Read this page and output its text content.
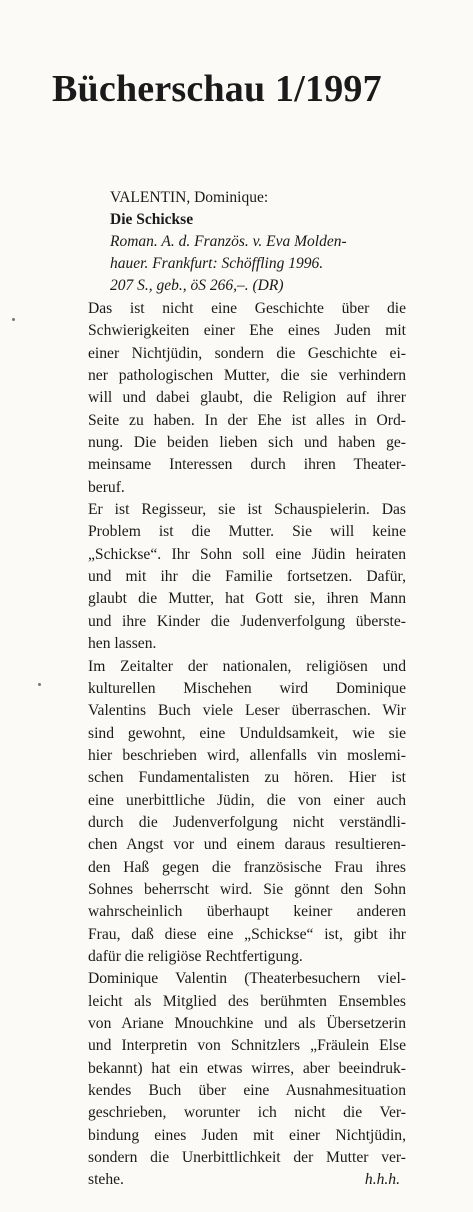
Bücherschau 1/1997
VALENTIN, Dominique:
Die Schickse
Roman. A. d. Französ. v. Eva Molden-
hauer. Frankfurt: Schöffling 1996.
207 S., geb., öS 266,–. (DR)
Das ist nicht eine Geschichte über die
Schwierigkeiten einer Ehe eines Juden mit
einer Nichtjüdin, sondern die Geschichte ei-
ner pathologischen Mutter, die sie verhindern
will und dabei glaubt, die Religion auf ihrer
Seite zu haben. In der Ehe ist alles in Ord-
nung. Die beiden lieben sich und haben ge-
meinsame Interessen durch ihren Theater-
beruf.
Er ist Regisseur, sie ist Schauspielerin. Das
Problem ist die Mutter. Sie will keine
„Schickse“. Ihr Sohn soll eine Jüdin heiraten
und mit ihr die Familie fortsetzen. Dafür,
glaubt die Mutter, hat Gott sie, ihren Mann
und ihre Kinder die Judenverfolgung überste-
hen lassen.
Im Zeitalter der nationalen, religiösen und
kulturellen Mischehen wird Dominique
Valentins Buch viele Leser überraschen. Wir
sind gewohnt, eine Unduldsamkeit, wie sie
hier beschrieben wird, allenfalls vin moslemi-
schen Fundamentalisten zu hören. Hier ist
eine unerbittliche Jüdin, die von einer auch
durch die Judenverfolgung nicht verständli-
chen Angst vor und einem daraus resultieren-
den Haß gegen die französische Frau ihres
Sohnes beherrscht wird. Sie gönnt den Sohn
wahrscheinlich überhaupt keiner anderen
Frau, daß diese eine „Schickse“ ist, gibt ihr
dafür die religiöse Rechtfertigung.
Dominique Valentin (Theaterbesuchern viel-
leicht als Mitglied des berühmten Ensembles
von Ariane Mnouchkine und als Übersetzerin
und Interpretin von Schnitzlers „Fräulein Else
bekannt) hat ein etwas wirres, aber beeindruk-
kendes Buch über eine Ausnahmesituation
geschrieben, worunter ich nicht die Ver-
bindung eines Juden mit einer Nichtjüdin,
sondern die Unerbittlichkeit der Mutter ver-
stehe.	h.h.h.
